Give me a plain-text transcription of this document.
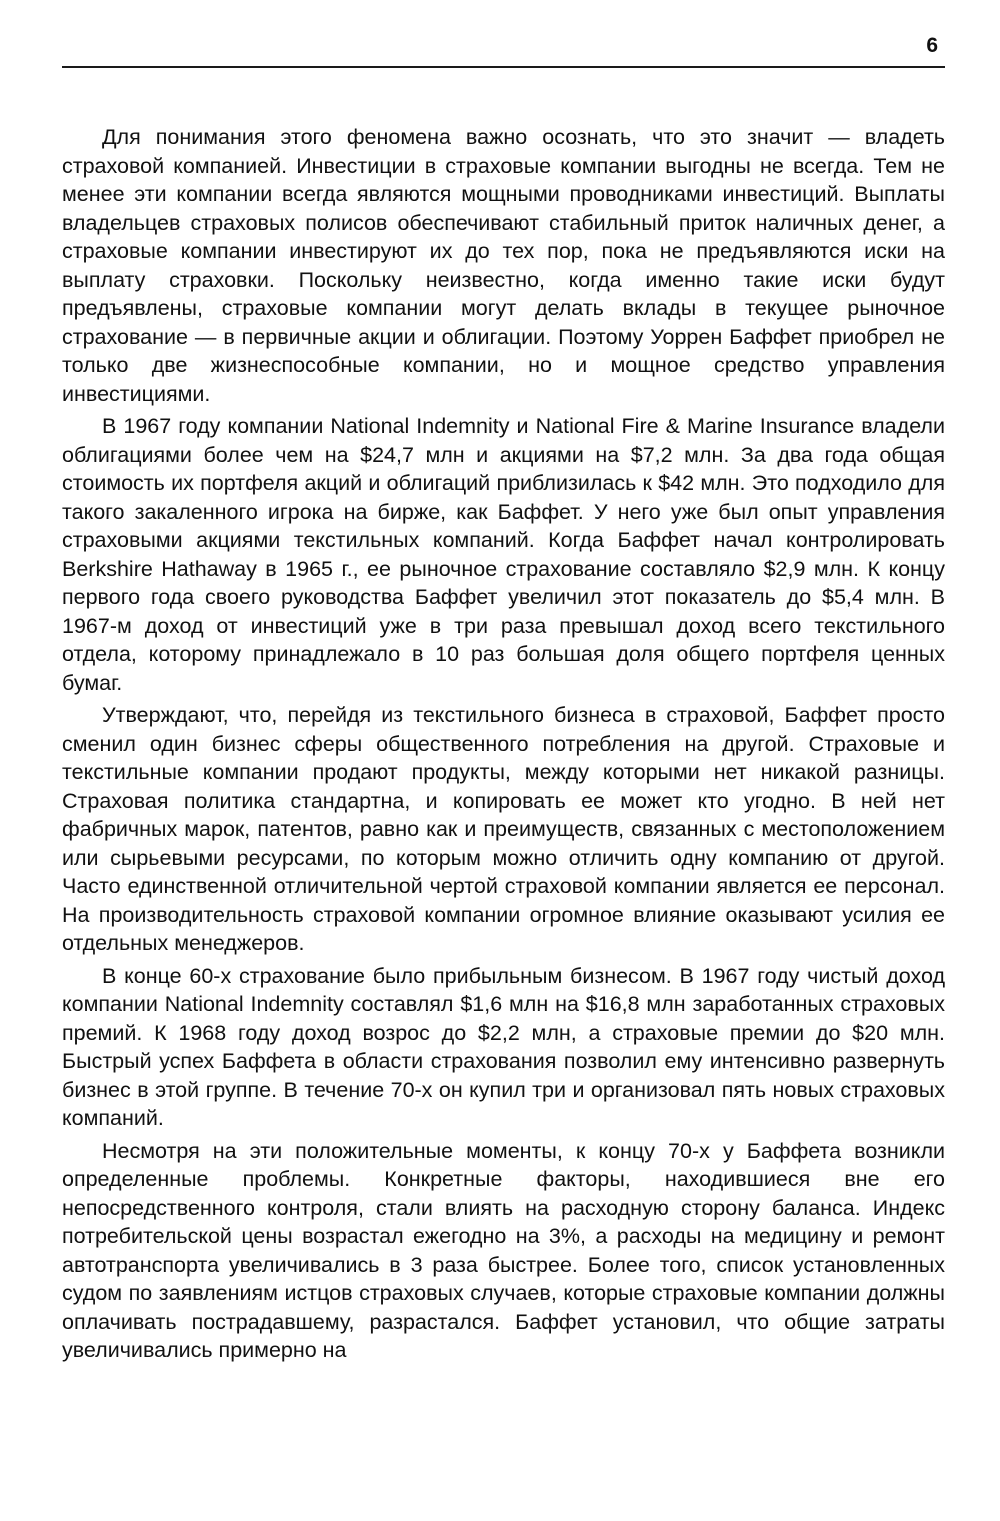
6

Для понимания этого феномена важно осознать, что это значит — владеть страховой компанией. Инвестиции в страховые компании выгодны не всегда. Тем не менее эти компании всегда являются мощными проводниками инвестиций. Выплаты владельцев страховых полисов обеспечивают стабильный приток наличных денег, а страховые компании инвестируют их до тех пор, пока не предъявляются иски на выплату страховки. Поскольку неизвестно, когда именно такие иски будут предъявлены, страховые компании могут делать вклады в текущее рыночное страхование — в первичные акции и облигации. Поэтому Уоррен Баффет приобрел не только две жизнеспособные компании, но и мощное средство управления инвестициями.

В 1967 году компании National Indemnity и National Fire & Marine Insurance владели облигациями более чем на $24,7 млн и акциями на $7,2 млн. За два года общая стоимость их портфеля акций и облигаций приблизилась к $42 млн. Это подходило для такого закаленного игрока на бирже, как Баффет. У него уже был опыт управления страховыми акциями текстильных компаний. Когда Баффет начал контролировать Berkshire Hathaway в 1965 г., ее рыночное страхование составляло $2,9 млн. К концу первого года своего руководства Баффет увеличил этот показатель до $5,4 млн. В 1967-м доход от инвестиций уже в три раза превышал доход всего текстильного отдела, которому принадлежало в 10 раз большая доля общего портфеля ценных бумаг.

Утверждают, что, перейдя из текстильного бизнеса в страховой, Баффет просто сменил один бизнес сферы общественного потребления на другой. Страховые и текстильные компании продают продукты, между которыми нет никакой разницы. Страховая политика стандартна, и копировать ее может кто угодно. В ней нет фабричных марок, патентов, равно как и преимуществ, связанных с местоположением или сырьевыми ресурсами, по которым можно отличить одну компанию от другой. Часто единственной отличительной чертой страховой компании является ее персонал. На производительность страховой компании огромное влияние оказывают усилия ее отдельных менеджеров.

В конце 60-х страхование было прибыльным бизнесом. В 1967 году чистый доход компании National Indemnity составлял $1,6 млн на $16,8 млн заработанных страховых премий. К 1968 году доход возрос до $2,2 млн, а страховые премии до $20 млн. Быстрый успех Баффета в области страхования позволил ему интенсивно развернуть бизнес в этой группе. В течение 70-х он купил три и организовал пять новых страховых компаний.

Несмотря на эти положительные моменты, к концу 70-х у Баффета возникли определенные проблемы. Конкретные факторы, находившиеся вне его непосредственного контроля, стали влиять на расходную сторону баланса. Индекс потребительской цены возрастал ежегодно на 3%, а расходы на медицину и ремонт автотранспорта увеличивались в 3 раза быстрее. Более того, список установленных судом по заявлениям истцов страховых случаев, которые страховые компании должны оплачивать пострадавшему, разрастался. Баффет установил, что общие затраты увеличивались примерно на
